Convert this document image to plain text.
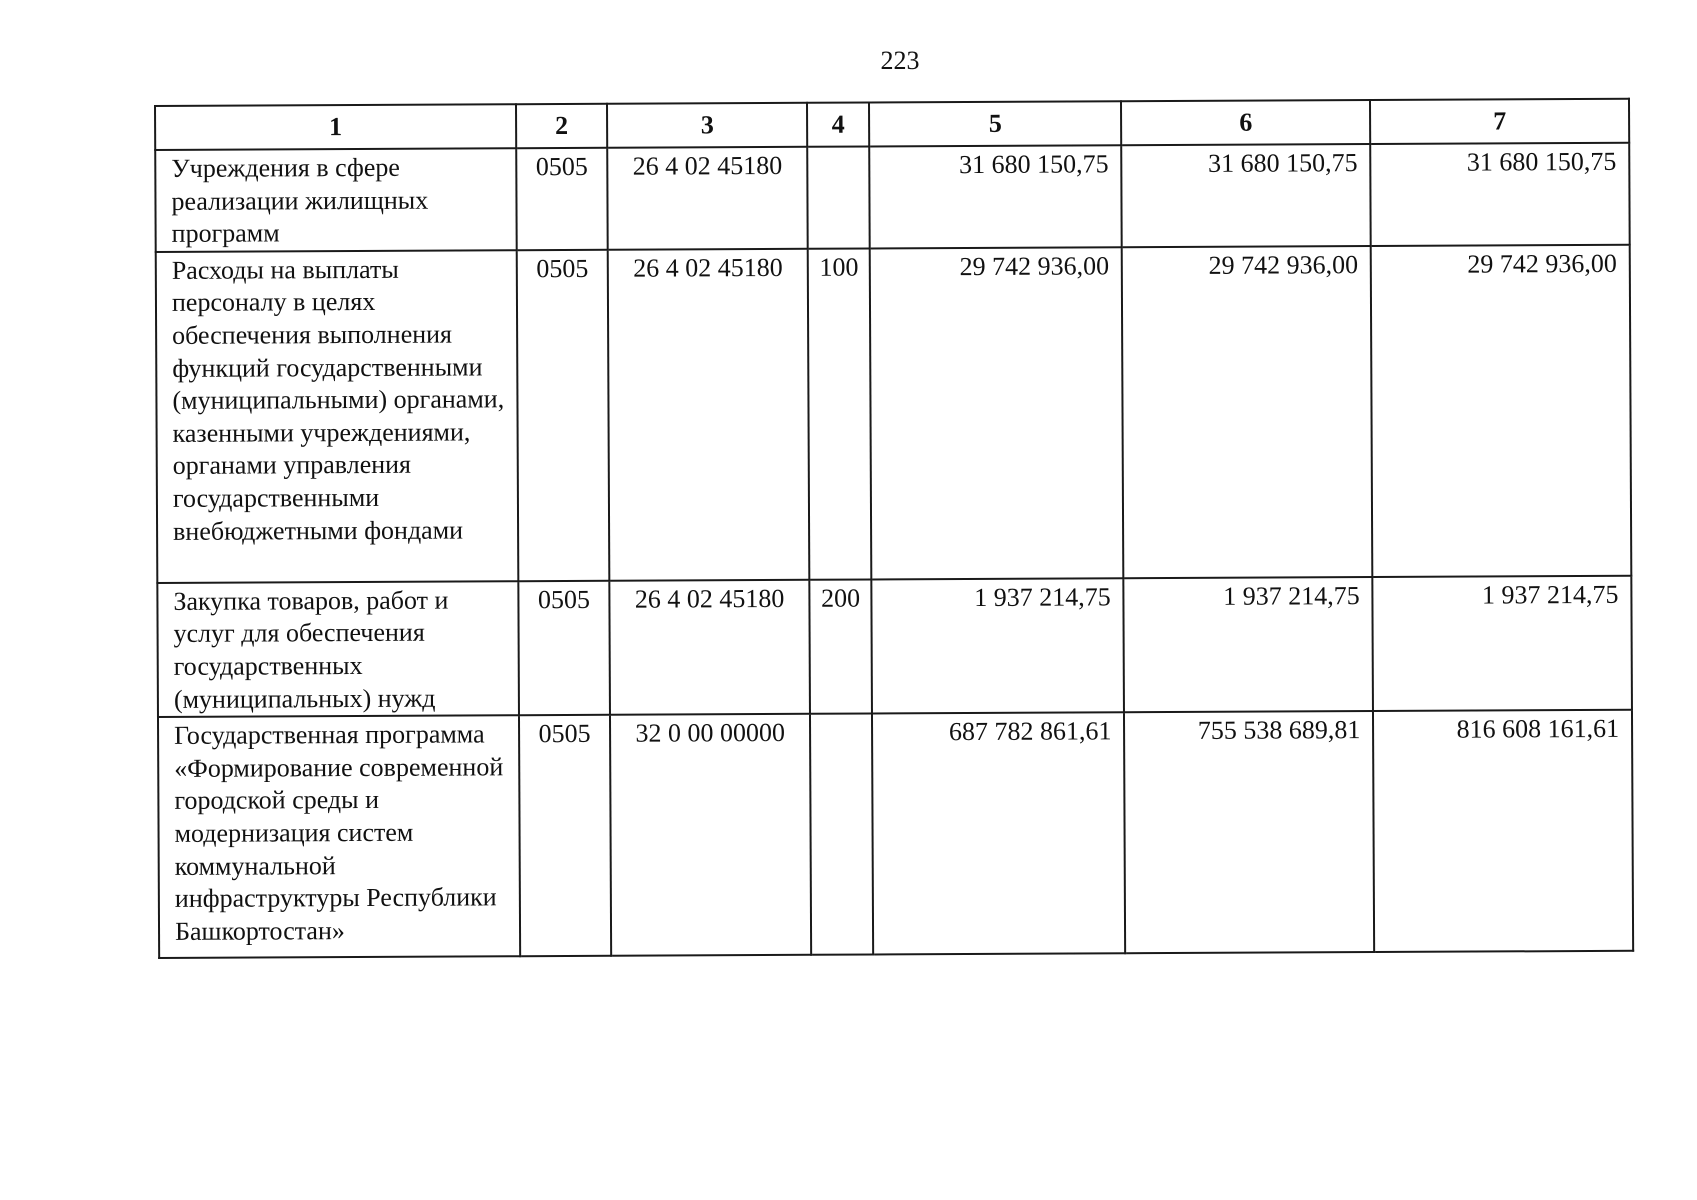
223
1	2	3	4	5	6	7
Учреждения в сфере реализации жилищных программ	0505	26 4 02 45180		31 680 150,75	31 680 150,75	31 680 150,75
Расходы на выплаты персоналу в целях обеспечения выполнения функций государственными (муниципальными) органами, казенными учреждениями, органами управления государственными внебюджетными фондами	0505	26 4 02 45180	100	29 742 936,00	29 742 936,00	29 742 936,00
Закупка товаров, работ и услуг для обеспечения государственных (муниципальных) нужд	0505	26 4 02 45180	200	1 937 214,75	1 937 214,75	1 937 214,75
Государственная программа «Формирование современной городской среды и модернизация систем коммунальной инфраструктуры Республики Башкортостан»	0505	32 0 00 00000		687 782 861,61	755 538 689,81	816 608 161,61
